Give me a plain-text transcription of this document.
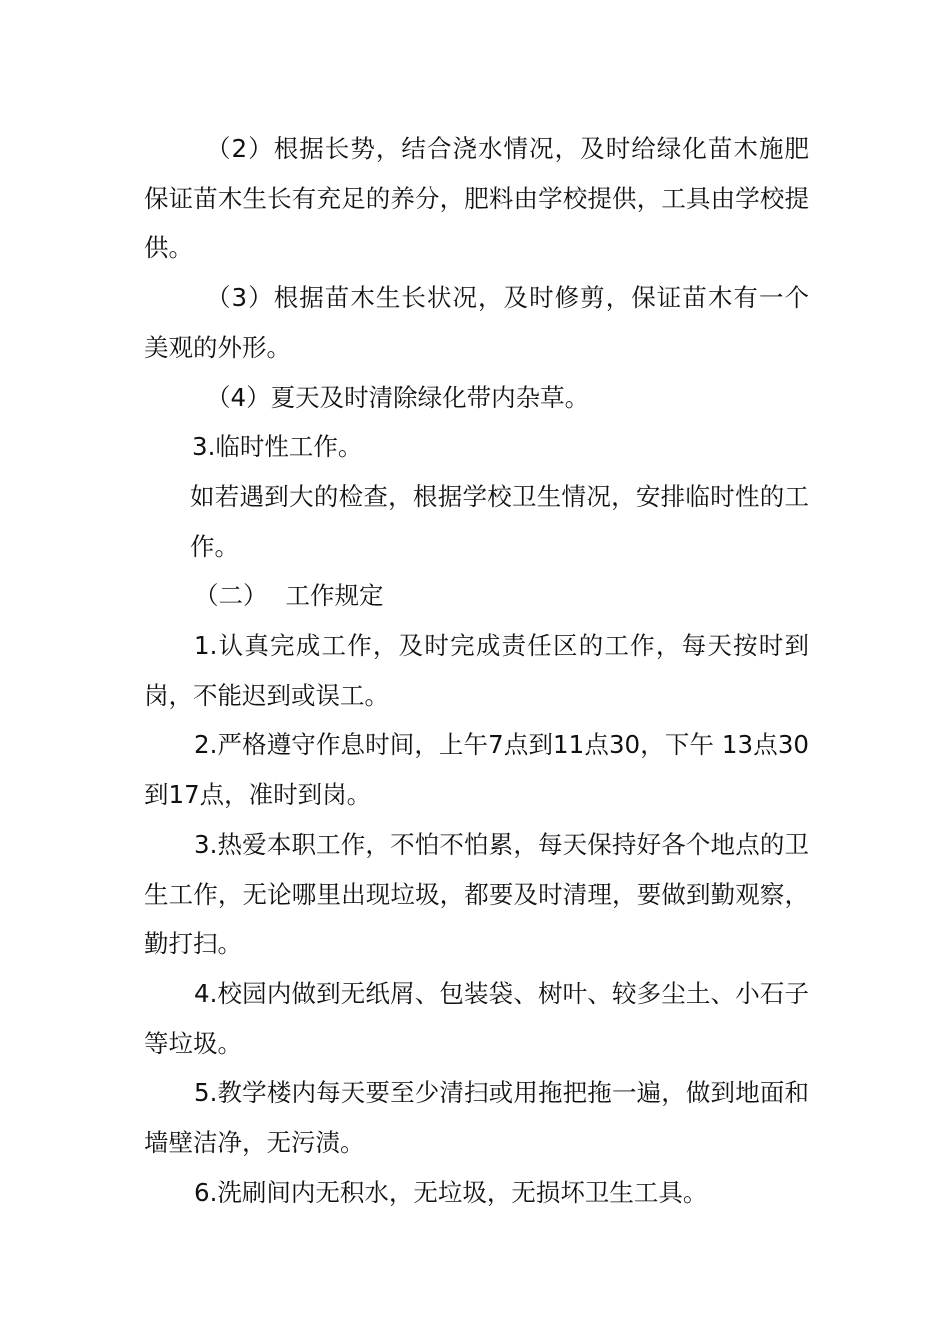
（2）根据长势，结合浇水情况，及时给绿化苗木施肥保证苗木生长有充足的养分，肥料由学校提供，工具由学校提供。

（3）根据苗木生长状况，及时修剪，保证苗木有一个美观的外形。

（4）夏天及时清除绿化带内杂草。

3.临时性工作。

如若遇到大的检查，根据学校卫生情况，安排临时性的工作。

（二） 工作规定

1.认真完成工作，及时完成责任区的工作，每天按时到岗，不能迟到或误工。

2.严格遵守作息时间，上午7点到11点30，下午 13点30到17点，准时到岗。

3.热爱本职工作，不怕不怕累，每天保持好各个地点的卫生工作，无论哪里出现垃圾，都要及时清理，要做到勤观察，勤打扫。

4.校园内做到无纸屑、包装袋、树叶、较多尘土、小石子等垃圾。

5.教学楼内每天要至少清扫或用拖把拖一遍，做到地面和墙壁洁净，无污渍。

6.洗刷间内无积水，无垃圾，无损坏卫生工具。
